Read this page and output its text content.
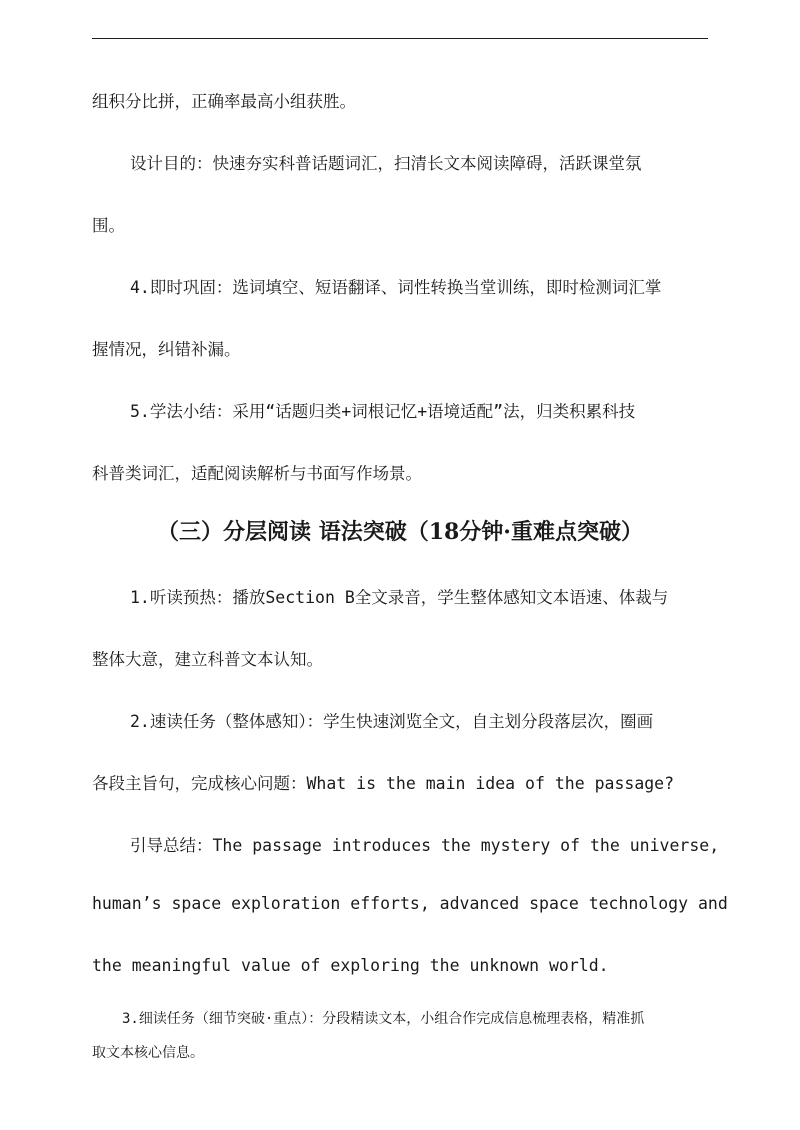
组积分比拼，正确率最高小组获胜。
设计目的：快速夯实科普话题词汇，扫清长文本阅读障碍，活跃课堂氛
围。
4.即时巩固：选词填空、短语翻译、词性转换当堂训练，即时检测词汇掌
握情况，纠错补漏。
5.学法小结：采用“话题归类+词根记忆+语境适配”法，归类积累科技
科普类词汇，适配阅读解析与书面写作场景。
（三）分层阅读 语法突破（18分钟·重难点突破）
1.听读预热：播放Section B全文录音，学生整体感知文本语速、体裁与
整体大意，建立科普文本认知。
2.速读任务（整体感知）：学生快速浏览全文，自主划分段落层次，圈画
各段主旨句，完成核心问题：What is the main idea of the passage?
引导总结：The passage introduces the mystery of the universe,
human’s space exploration efforts, advanced space technology and
the meaningful value of exploring the unknown world.
3.细读任务（细节突破·重点）：分段精读文本，小组合作完成信息梳理表格，精准抓
取文本核心信息。
